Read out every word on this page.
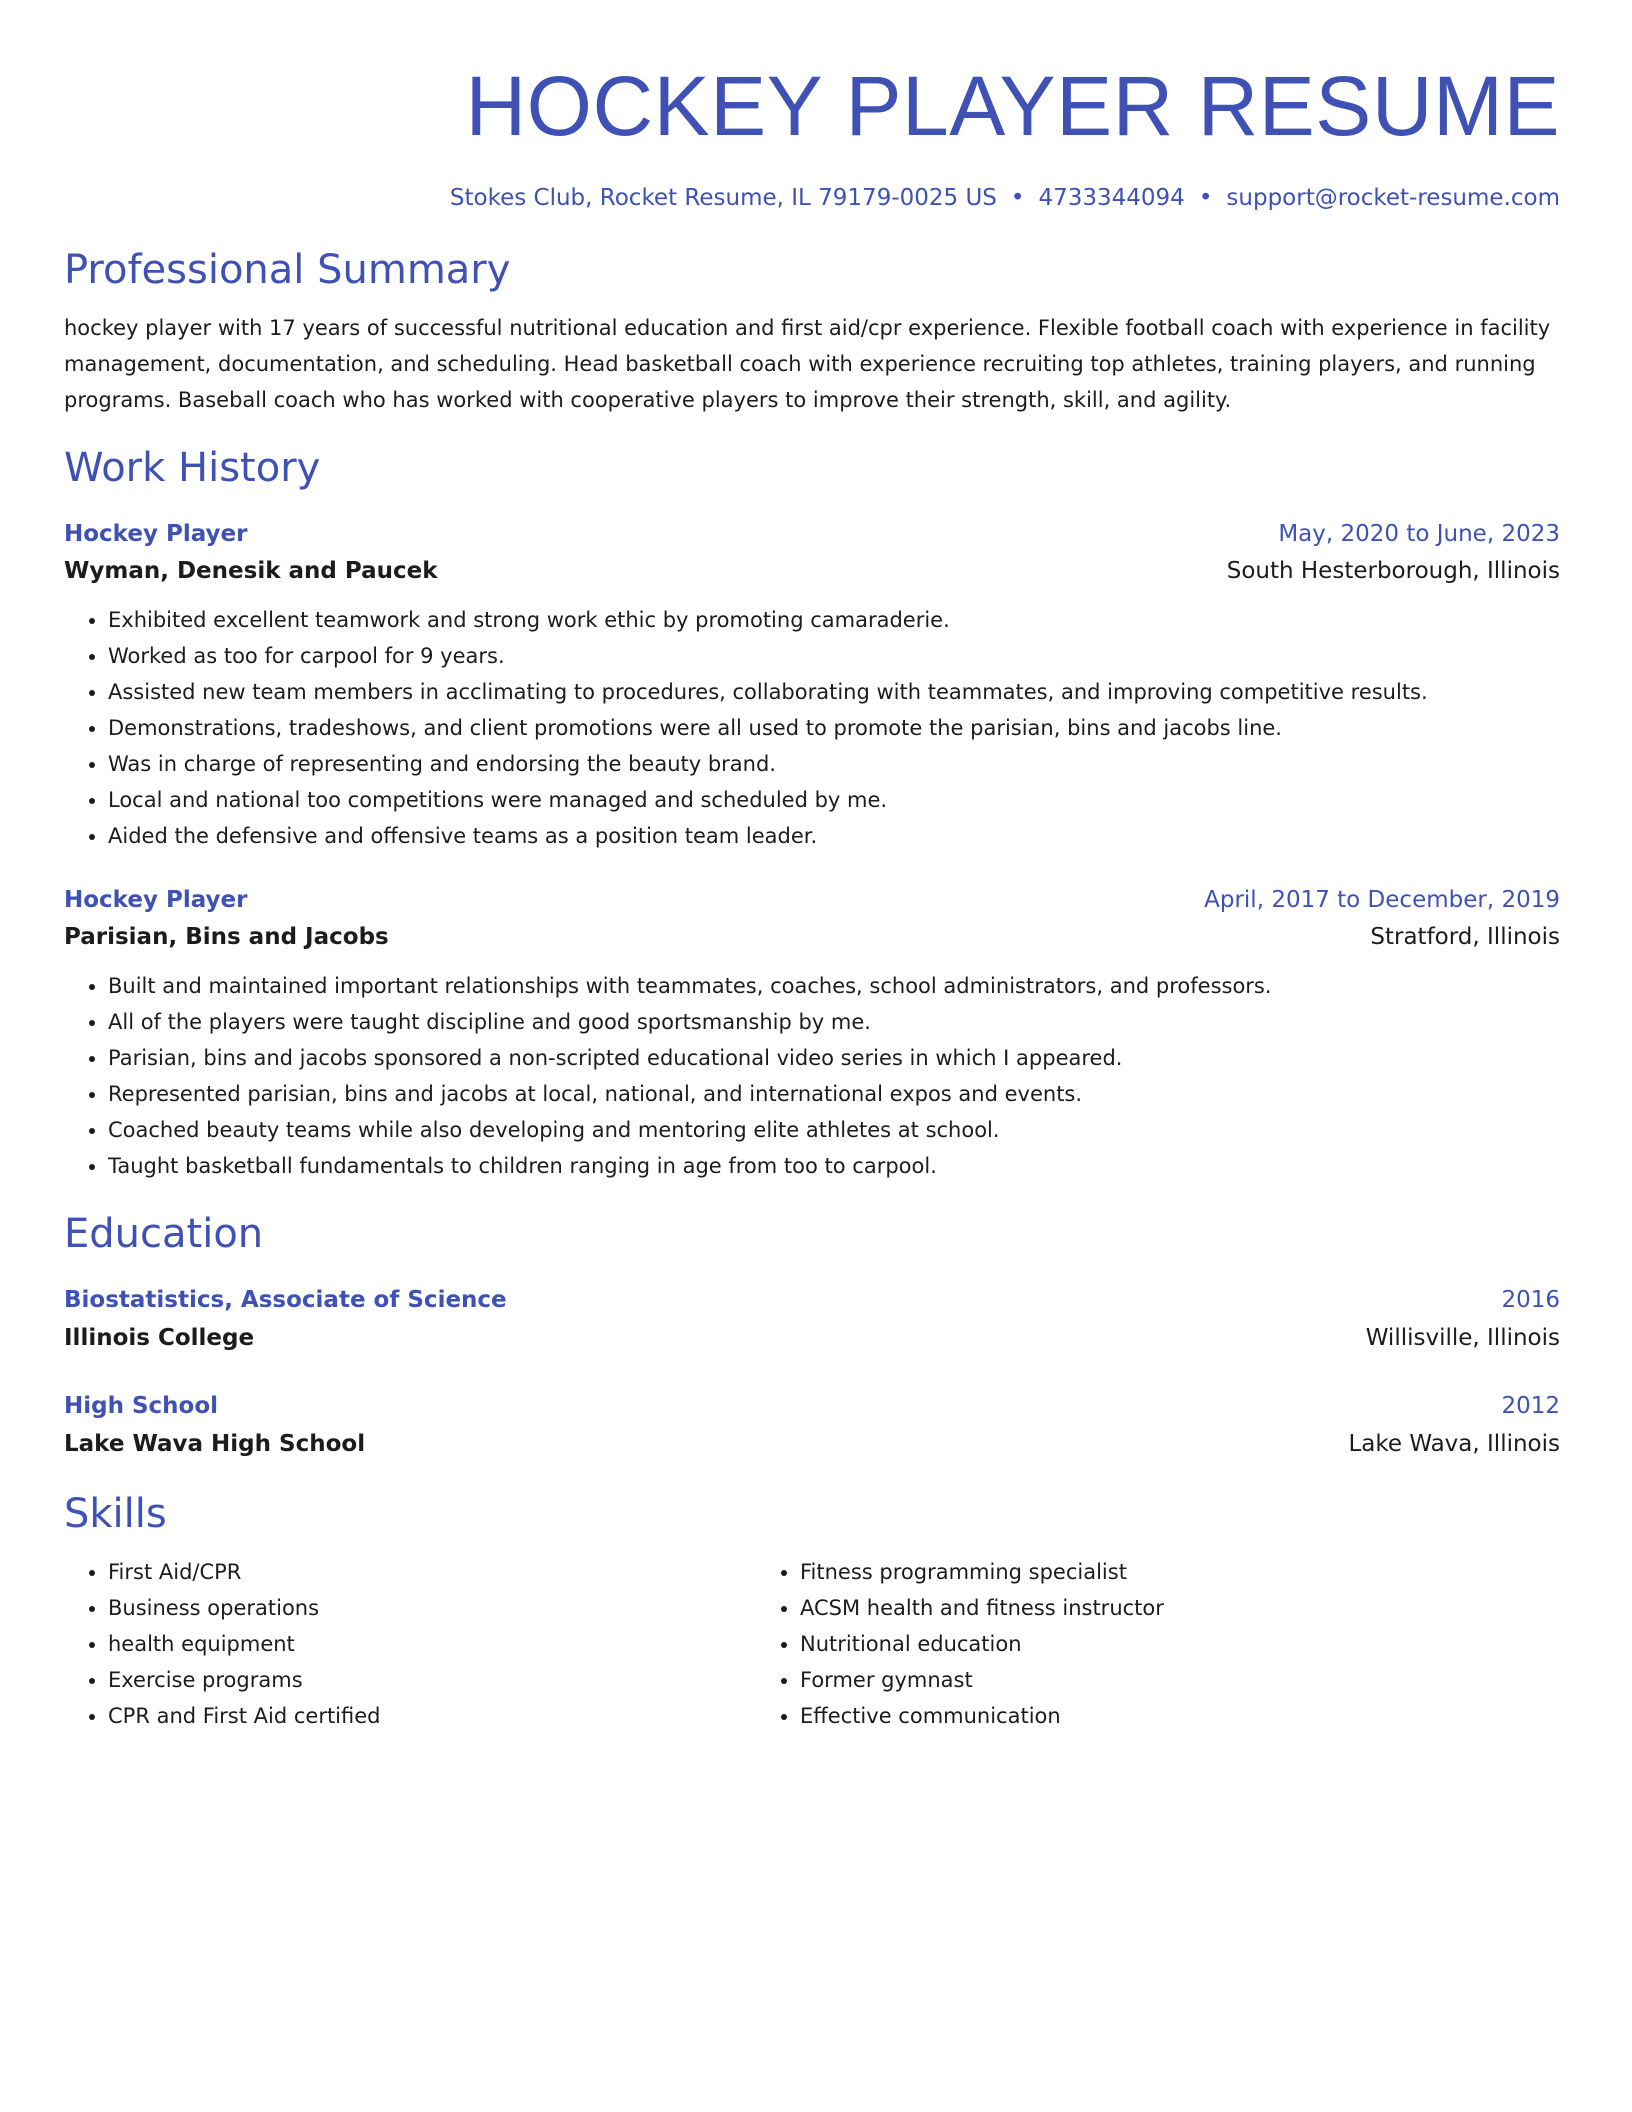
HOCKEY PLAYER RESUME
Stokes Club, Rocket Resume, IL 79179-0025 US • 4733344094 • support@rocket-resume.com
Professional Summary
hockey player with 17 years of successful nutritional education and first aid/cpr experience. Flexible football coach with experience in facility management, documentation, and scheduling. Head basketball coach with experience recruiting top athletes, training players, and running programs. Baseball coach who has worked with cooperative players to improve their strength, skill, and agility.
Work History
Hockey Player	May, 2020 to June, 2023
Wyman, Denesik and Paucek	South Hesterborough, Illinois
• Exhibited excellent teamwork and strong work ethic by promoting camaraderie.
• Worked as too for carpool for 9 years.
• Assisted new team members in acclimating to procedures, collaborating with teammates, and improving competitive results.
• Demonstrations, tradeshows, and client promotions were all used to promote the parisian, bins and jacobs line.
• Was in charge of representing and endorsing the beauty brand.
• Local and national too competitions were managed and scheduled by me.
• Aided the defensive and offensive teams as a position team leader.
Hockey Player	April, 2017 to December, 2019
Parisian, Bins and Jacobs	Stratford, Illinois
• Built and maintained important relationships with teammates, coaches, school administrators, and professors.
• All of the players were taught discipline and good sportsmanship by me.
• Parisian, bins and jacobs sponsored a non-scripted educational video series in which I appeared.
• Represented parisian, bins and jacobs at local, national, and international expos and events.
• Coached beauty teams while also developing and mentoring elite athletes at school.
• Taught basketball fundamentals to children ranging in age from too to carpool.
Education
Biostatistics, Associate of Science	2016
Illinois College	Willisville, Illinois
High School	2012
Lake Wava High School	Lake Wava, Illinois
Skills
• First Aid/CPR
• Business operations
• health equipment
• Exercise programs
• CPR and First Aid certified
• Fitness programming specialist
• ACSM health and fitness instructor
• Nutritional education
• Former gymnast
• Effective communication
